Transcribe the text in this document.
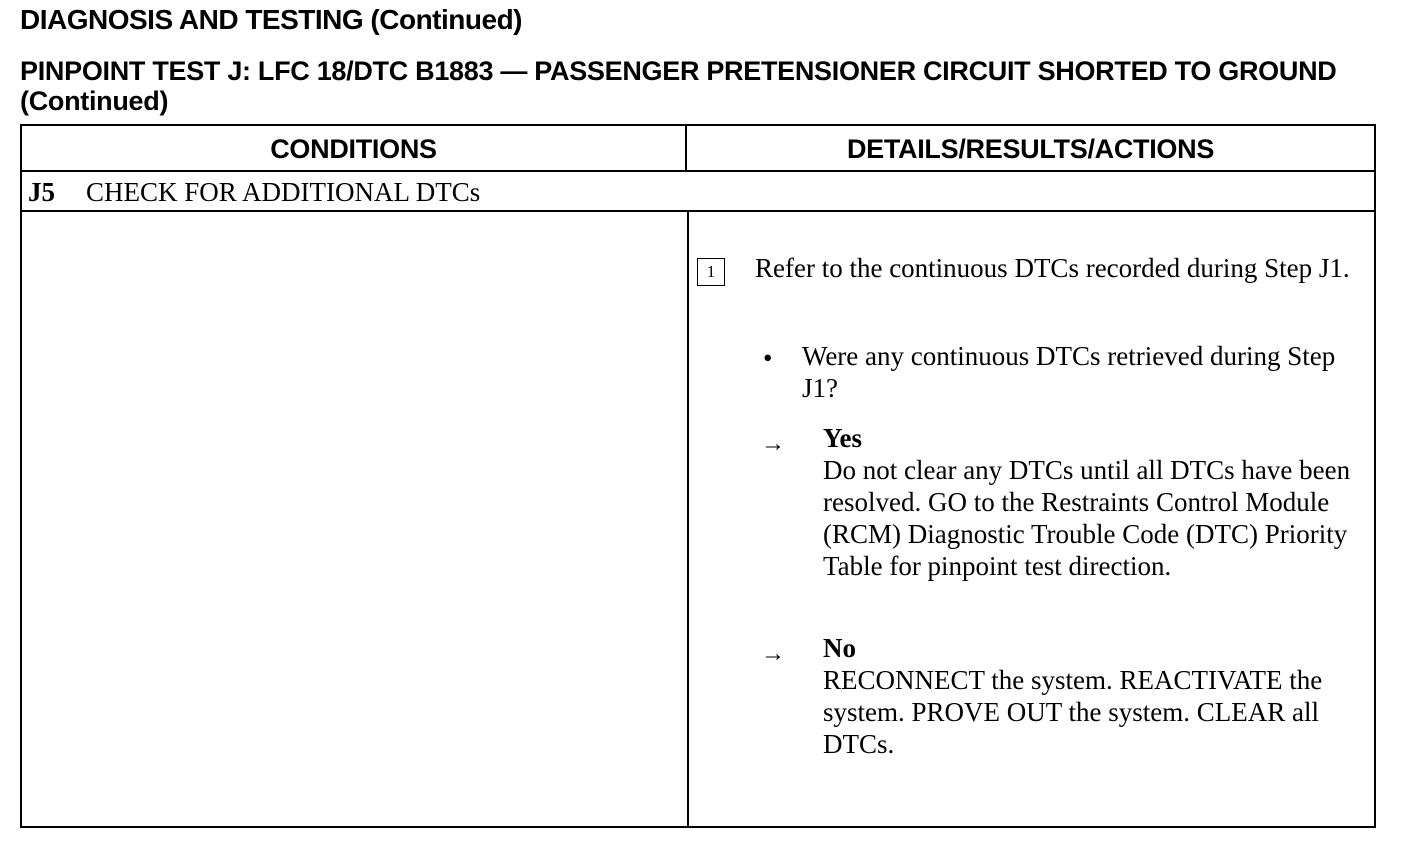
DIAGNOSIS AND TESTING (Continued)
PINPOINT TEST J: LFC 18/DTC B1883 — PASSENGER PRETENSIONER CIRCUIT SHORTED TO GROUND (Continued)
CONDITIONS	DETAILS/RESULTS/ACTIONS
J5 CHECK FOR ADDITIONAL DTCs
1	Refer to the continuous DTCs recorded during Step J1.
• Were any continuous DTCs retrieved during Step J1?
→ Yes
Do not clear any DTCs until all DTCs have been resolved. GO to the Restraints Control Module (RCM) Diagnostic Trouble Code (DTC) Priority Table for pinpoint test direction.
→ No
RECONNECT the system. REACTIVATE the system. PROVE OUT the system. CLEAR all DTCs.
